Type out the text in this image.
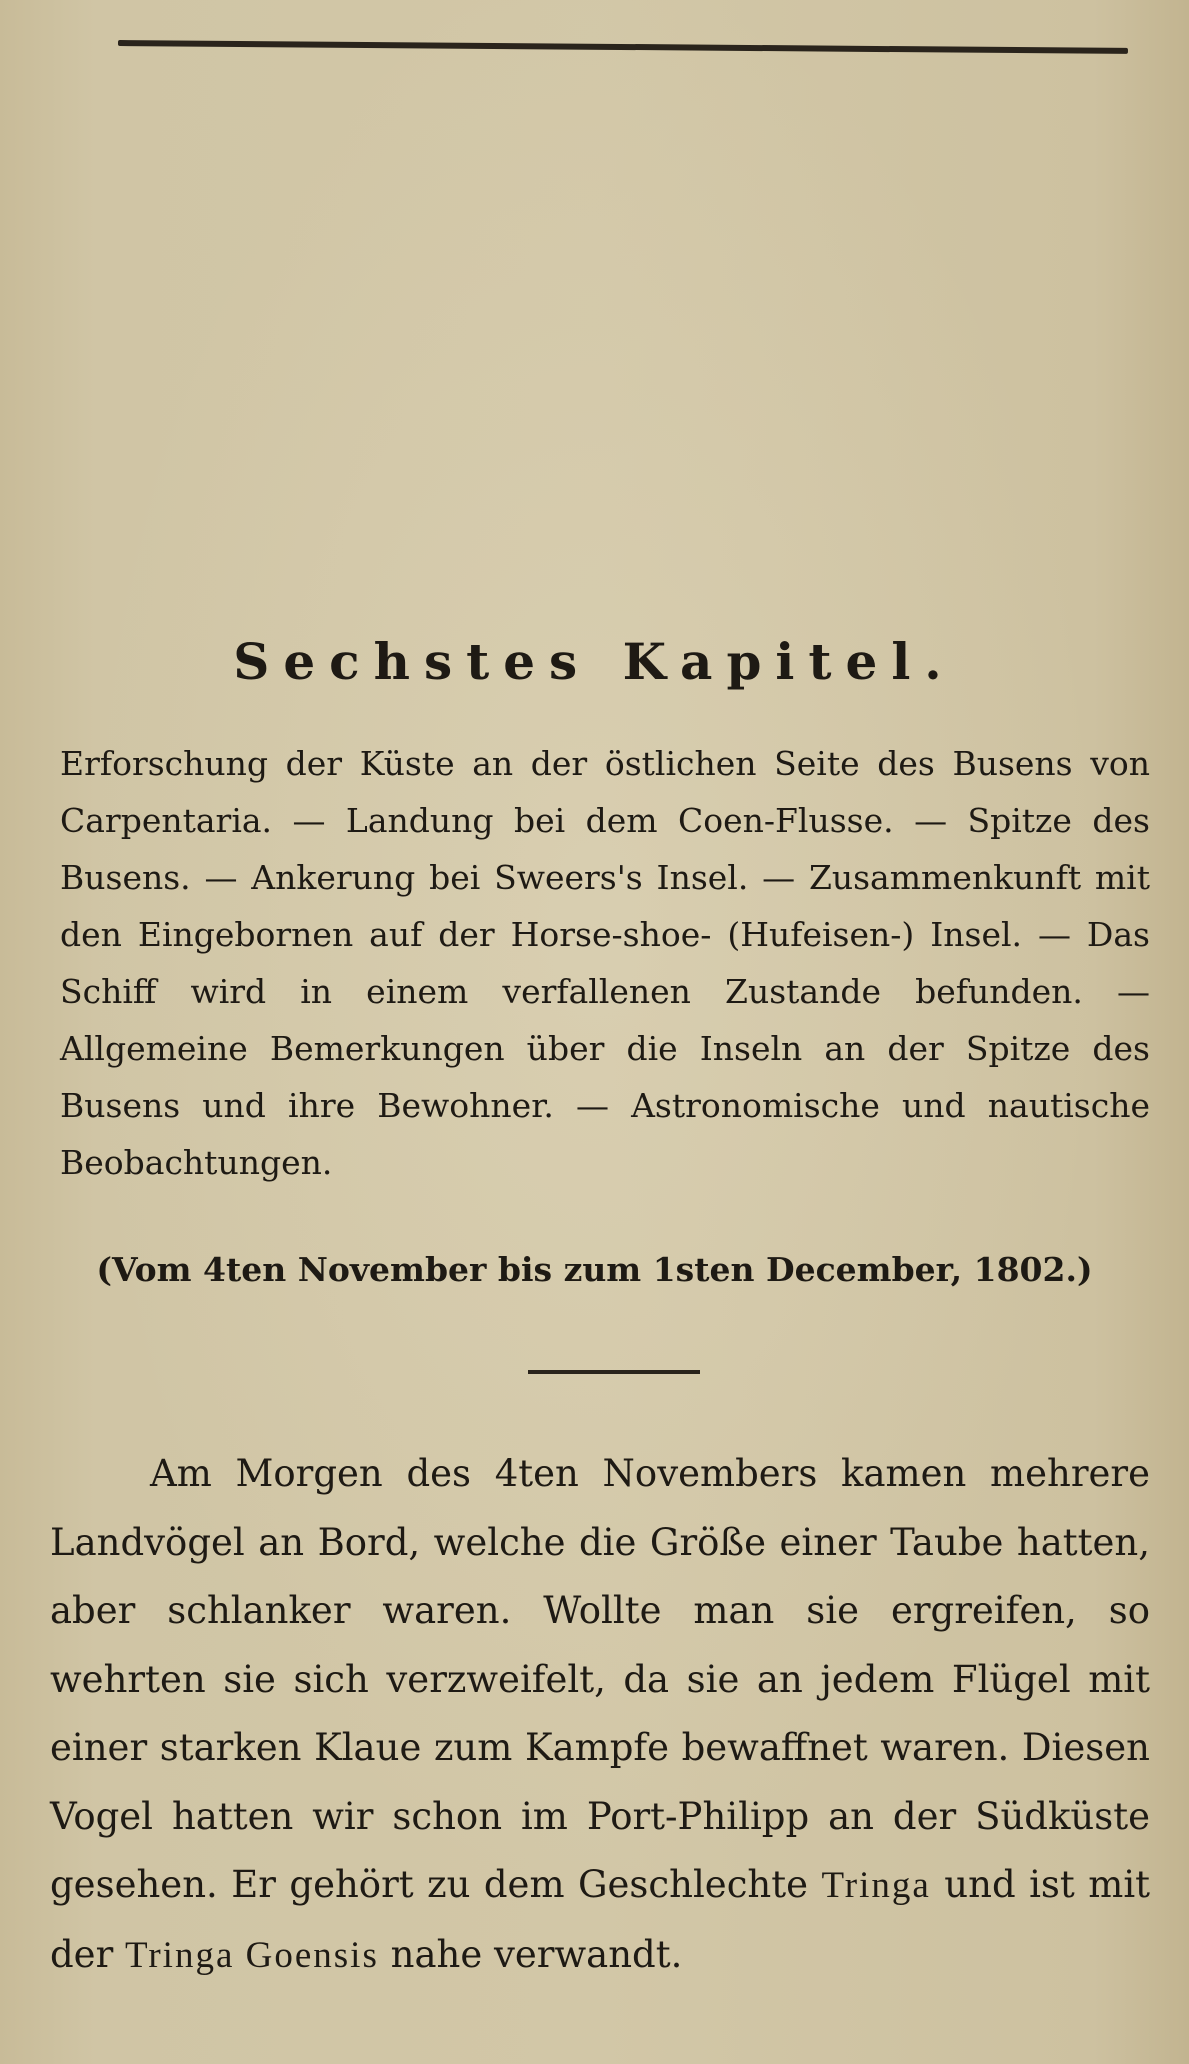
Sechstes Kapitel.

Erforschung der Küste an der östlichen Seite des Busens von Carpentaria. — Landung bei dem Coen-Flusse. — Spitze des Busens. — Ankerung bei Sweers's Insel. — Zusammenkunft mit den Eingebornen auf der Horse-shoe- (Hufeisen-) Insel. — Das Schiff wird in einem verfallenen Zustande befunden. — Allgemeine Bemerkungen über die Inseln an der Spitze des Busens und ihre Bewohner. — Astronomische und nautische Beobachtungen.

(Vom 4ten November bis zum 1sten December, 1802.)

Am Morgen des 4ten Novembers kamen mehrere Landvögel an Bord, welche die Größe einer Taube hatten, aber schlanker waren. Wollte man sie ergreifen, so wehrten sie sich verzweifelt, da sie an jedem Flügel mit einer starken Klaue zum Kampfe bewaffnet waren. Diesen Vogel hatten wir schon im Port-Philipp an der Südküste gesehen. Er gehört zu dem Geschlechte Tringa und ist mit der Tringa Goensis nahe verwandt.
